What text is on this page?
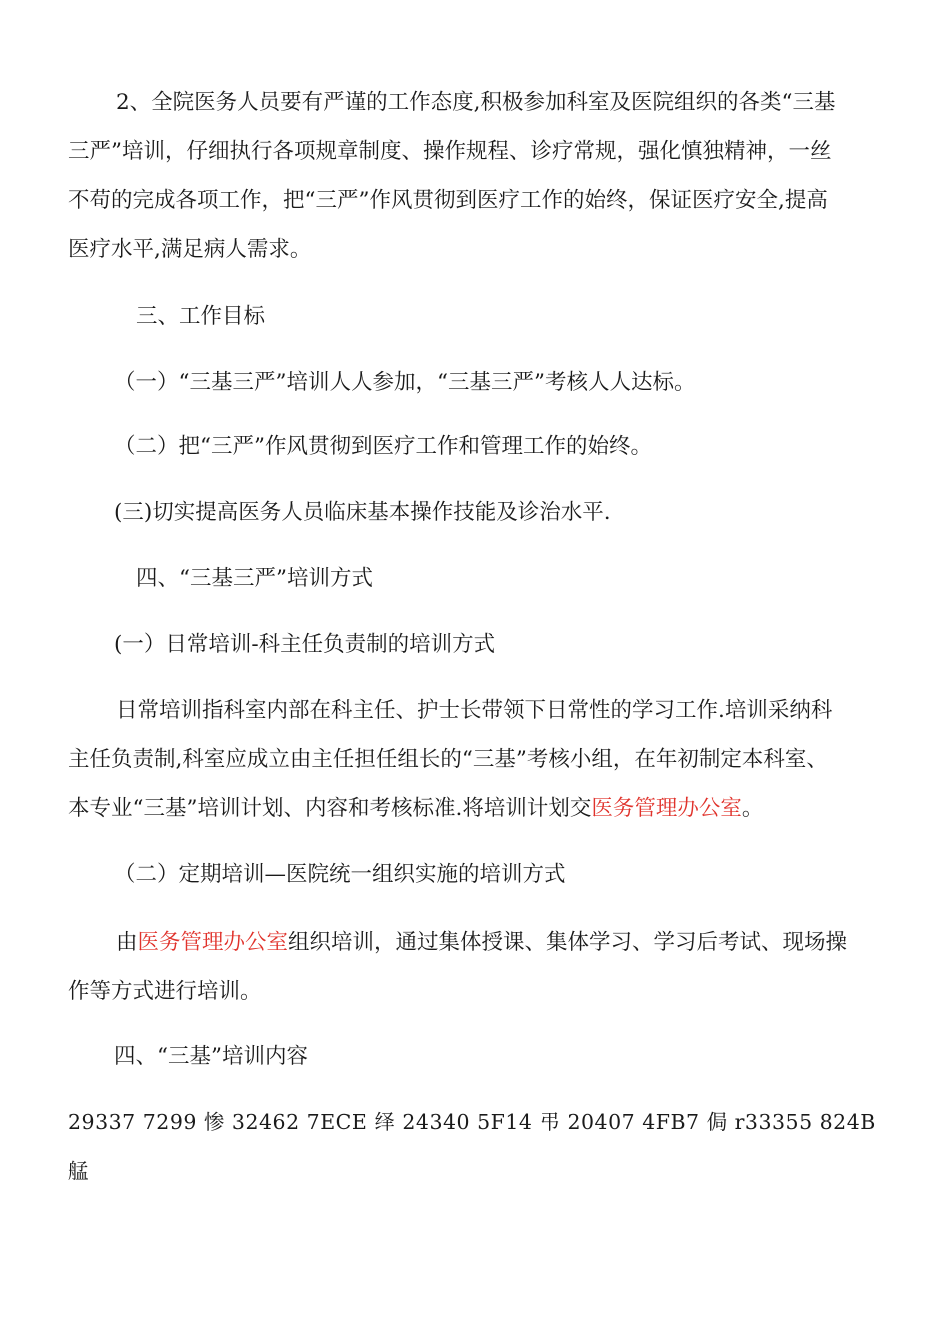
2、全院医务人员要有严谨的工作态度,积极参加科室及医院组织的各类“三基
三严”培训，仔细执行各项规章制度、操作规程、诊疗常规，强化慎独精神，一丝
不苟的完成各项工作，把“三严”作风贯彻到医疗工作的始终，保证医疗安全,提高
医疗水平,满足病人需求。

三、工作目标

（一）“三基三严”培训人人参加，“三基三严”考核人人达标。

（二）把“三严”作风贯彻到医疗工作和管理工作的始终。

(三)切实提高医务人员临床基本操作技能及诊治水平.

四、“三基三严”培训方式

(一）日常培训-科主任负责制的培训方式

日常培训指科室内部在科主任、护士长带领下日常性的学习工作.培训采纳科
主任负责制,科室应成立由主任担任组长的“三基”考核小组，在年初制定本科室、
本专业“三基”培训计划、内容和考核标准.将培训计划交医务管理办公室。

（二）定期培训—医院统一组织实施的培训方式

由医务管理办公室组织培训，通过集体授课、集体学习、学习后考试、现场操
作等方式进行培训。

四、“三基”培训内容

29337 7299 惨 32462 7ECE 绎 24340 5F14 弔 20407 4FB7 侷 r33355 824B 艋
